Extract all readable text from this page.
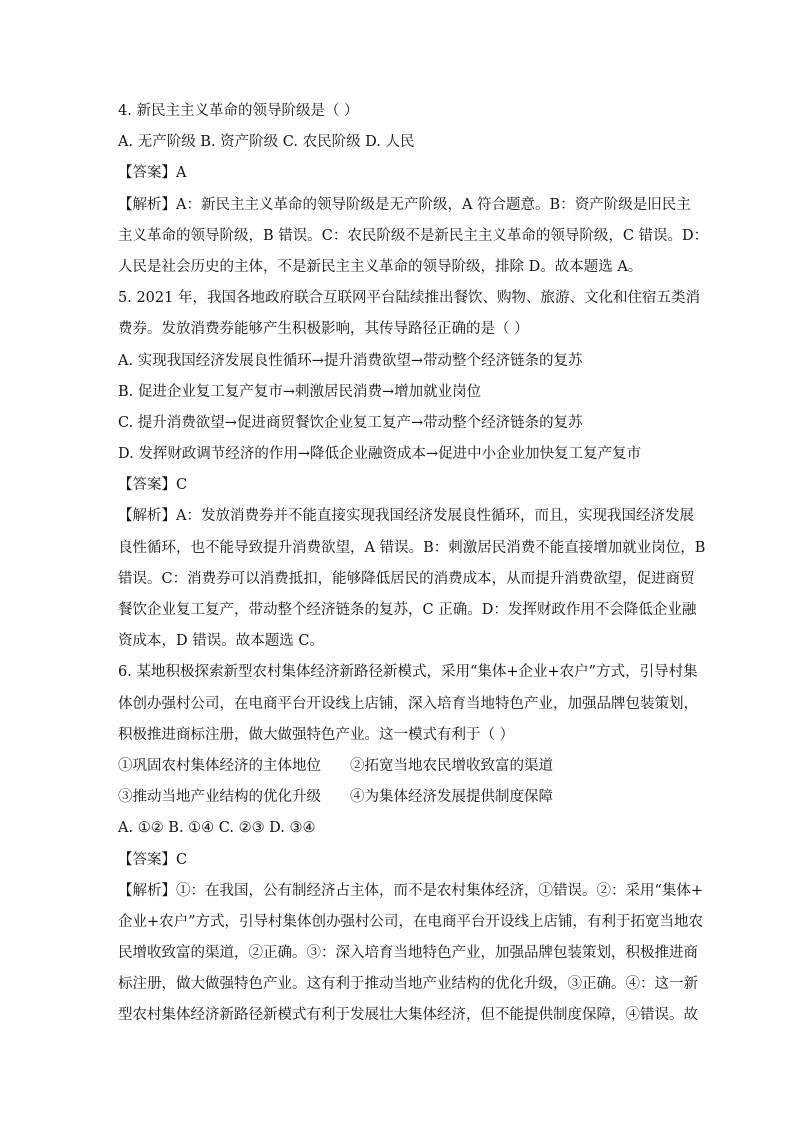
4. 新民主主义革命的领导阶级是（ ）
A. 无产阶级 B. 资产阶级 C. 农民阶级 D. 人民
【答案】A
【解析】A：新民主主义革命的领导阶级是无产阶级，A 符合题意。B：资产阶级是旧民主
主义革命的领导阶级，B 错误。C：农民阶级不是新民主主义革命的领导阶级，C 错误。D：
人民是社会历史的主体，不是新民主主义革命的领导阶级，排除 D。故本题选 A。
5. 2021 年，我国各地政府联合互联网平台陆续推出餐饮、购物、旅游、文化和住宿五类消
费券。发放消费券能够产生积极影响，其传导路径正确的是（ ）
A. 实现我国经济发展良性循环→提升消费欲望→带动整个经济链条的复苏
B. 促进企业复工复产复市→刺激居民消费→增加就业岗位
C. 提升消费欲望→促进商贸餐饮企业复工复产→带动整个经济链条的复苏
D. 发挥财政调节经济的作用→降低企业融资成本→促进中小企业加快复工复产复市
【答案】C
【解析】A：发放消费券并不能直接实现我国经济发展良性循环，而且，实现我国经济发展
良性循环，也不能导致提升消费欲望，A 错误。B：刺激居民消费不能直接增加就业岗位，B
错误。C：消费券可以消费抵扣，能够降低居民的消费成本，从而提升消费欲望，促进商贸
餐饮企业复工复产，带动整个经济链条的复苏，C 正确。D：发挥财政作用不会降低企业融
资成本，D 错误。故本题选 C。
6. 某地积极探索新型农村集体经济新路径新模式，采用“集体+企业+农户”方式，引导村集
体创办强村公司，在电商平台开设线上店铺，深入培育当地特色产业，加强品牌包装策划，
积极推进商标注册，做大做强特色产业。这一模式有利于（ ）
①巩固农村集体经济的主体地位 ②拓宽当地农民增收致富的渠道
③推动当地产业结构的优化升级 ④为集体经济发展提供制度保障
A. ①② B. ①④ C. ②③ D. ③④
【答案】C
【解析】①：在我国，公有制经济占主体，而不是农村集体经济，①错误。②：采用“集体+
企业+农户”方式，引导村集体创办强村公司，在电商平台开设线上店铺，有利于拓宽当地农
民增收致富的渠道，②正确。③：深入培育当地特色产业，加强品牌包装策划，积极推进商
标注册，做大做强特色产业。这有利于推动当地产业结构的优化升级，③正确。④：这一新
型农村集体经济新路径新模式有利于发展壮大集体经济，但不能提供制度保障，④错误。故
